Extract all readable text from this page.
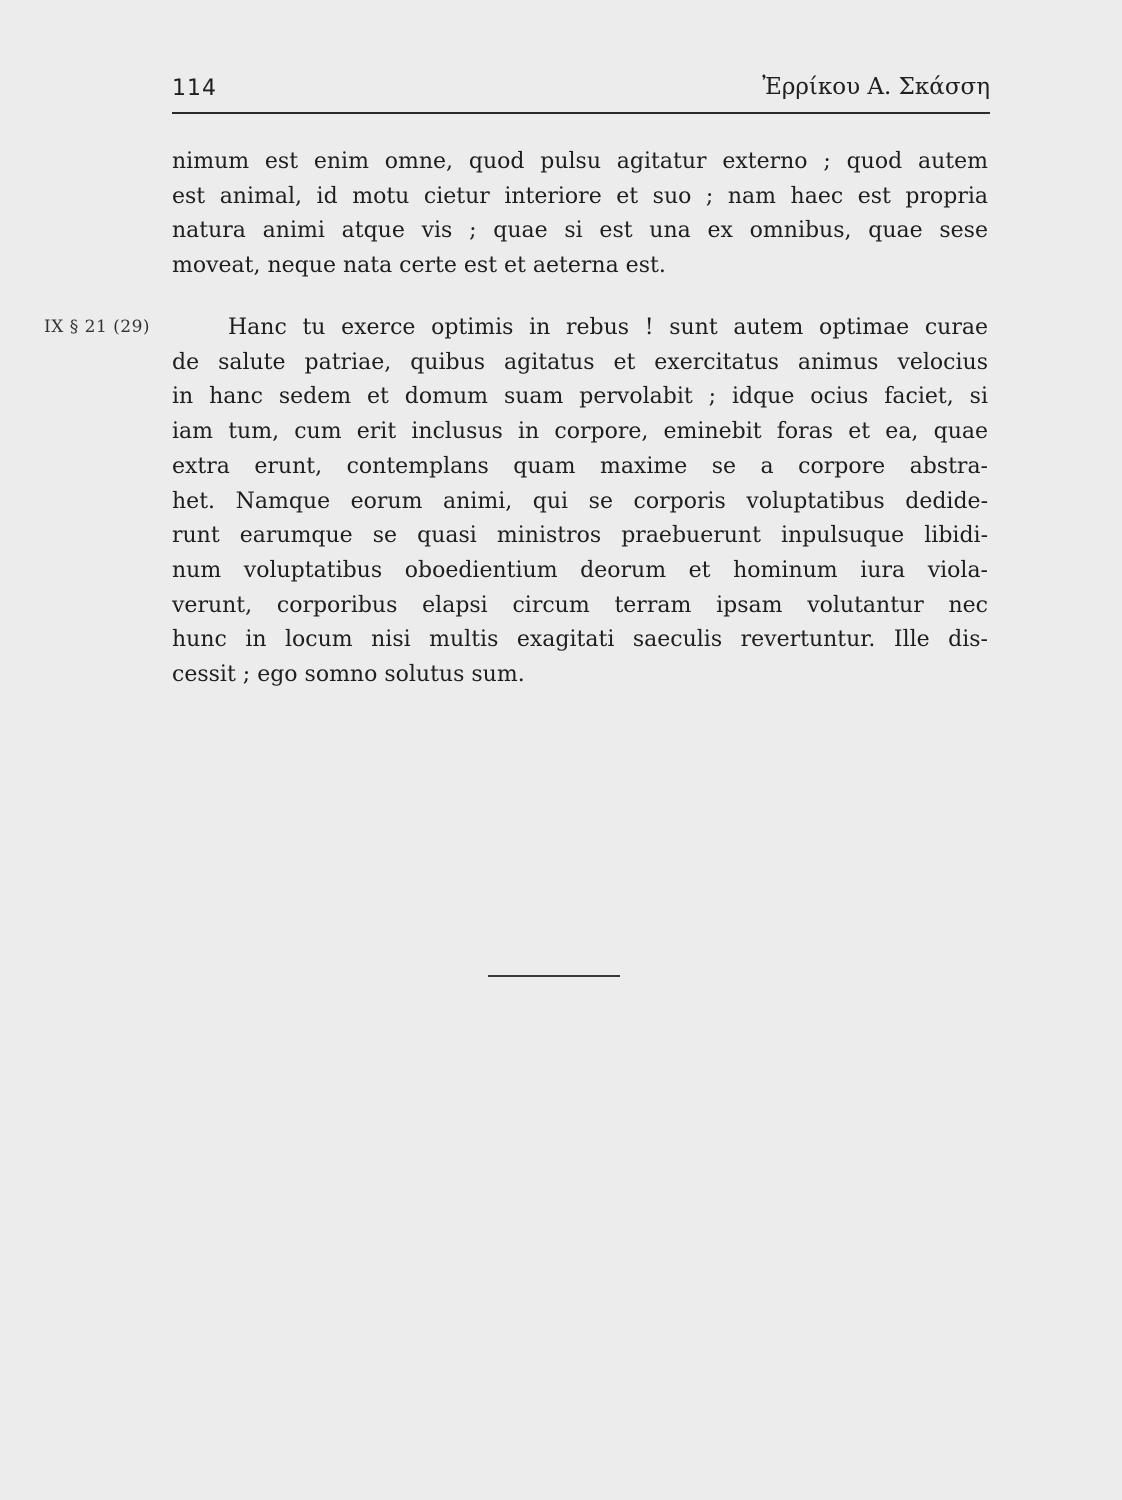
114	Ἐρρίκου Α. Σκάσση
nimum est enim omne, quod pulsu agitatur externo ; quod autem
est animal, id motu cietur interiore et suo ; nam haec est propria
natura animi atque vis ; quae si est una ex omnibus, quae sese
moveat, neque nata certe est et aeterna est.
IX § 21 (29)	Hanc tu exerce optimis in rebus ! sunt autem optimae curae
de salute patriae, quibus agitatus et exercitatus animus velocius
in hanc sedem et domum suam pervolabit ; idque ocius faciet, si
iam tum, cum erit inclusus in corpore, eminebit foras et ea, quae
extra erunt, contemplans quam maxime se a corpore abstra-
het. Namque eorum animi, qui se corporis voluptatibus dedide-
runt earumque se quasi ministros praebuerunt inpulsuque libidi-
num voluptatibus oboedientium deorum et hominum iura viola-
verunt, corporibus elapsi circum terram ipsam volutantur nec
hunc in locum nisi multis exagitati saeculis revertuntur. Ille dis-
cessit ; ego somno solutus sum.
